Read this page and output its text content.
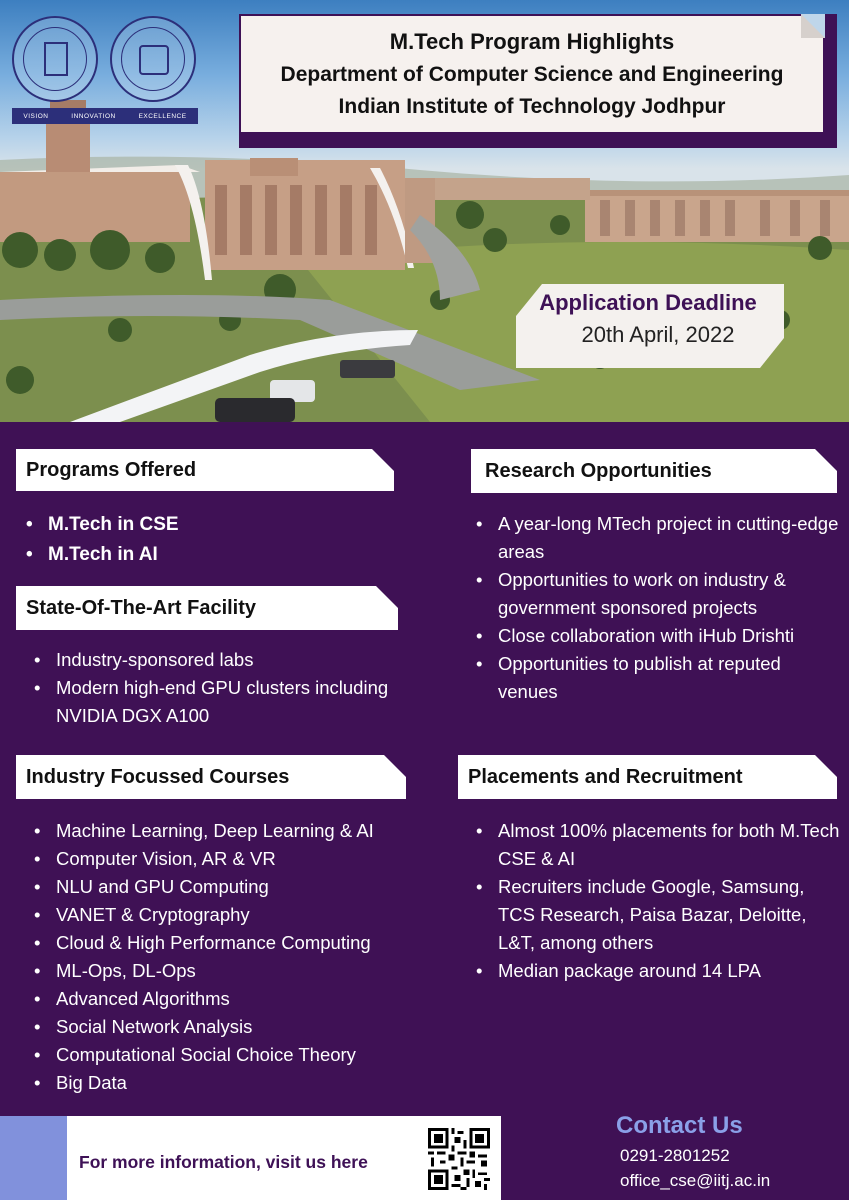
VISION	INNOVATION	EXCELLENCE
M.Tech Program Highlights
Department of Computer Science and Engineering
Indian Institute of Technology Jodhpur
Application Deadline
20th April, 2022
Programs Offered
• M.Tech in CSE
• M.Tech in AI
State-Of-The-Art Facility
• Industry-sponsored labs
• Modern high-end GPU clusters including NVIDIA DGX A100
Industry Focussed Courses
• Machine Learning, Deep Learning & AI
• Computer Vision, AR & VR
• NLU and GPU Computing
• VANET & Cryptography
• Cloud & High Performance Computing
• ML-Ops, DL-Ops
• Advanced Algorithms
• Social Network Analysis
• Computational Social Choice Theory
• Big Data
Research Opportunities
• A year-long MTech project in cutting-edge areas
• Opportunities to work on industry & government sponsored projects
• Close collaboration with iHub Drishti
• Opportunities to publish at reputed venues
Placements and Recruitment
• Almost 100% placements for both M.Tech CSE & AI
• Recruiters include Google, Samsung, TCS Research, Paisa Bazar, Deloitte, L&T, among others
• Median package around 14 LPA
For more information, visit us here
Contact Us
0291-2801252
office_cse@iitj.ac.in
